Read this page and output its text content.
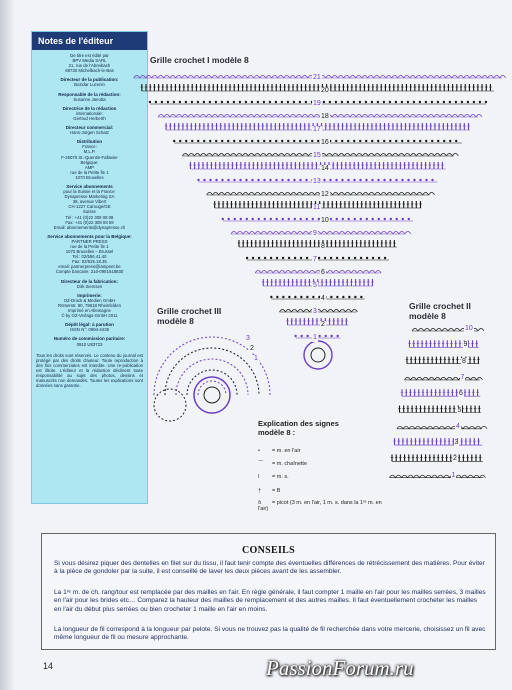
Notes de l'éditeur
De titre est édité par
BPV Media SARL
21, rue de l'Abreibach
68730 Michelbach-le-Bas
Directeur de la publication:
Bozidar Lucenin
Responsable de la rédaction:
Susanne Janotta
Directrice de la rédaction
internationale:
Gertrud Herberth
Directeur commercial:
Hans-Jürgen Schatz
Distribution
France:
M.L.P.
F-26070 St.-Quentin-Fallavier
Belgique:
AMP
rue de la Petite Île 1
1070 Bruxelles
Service abonnements
pour la Suisse et la France:
Dynapresse Marketing SA
38, avenue Vibert
CH-1227 Carouge/GE
Suisse
Tel : +41 (0)22 308 08 08
Fax: +41 (0)22 308 08 59
Email: abonnements@dynapresse.ch
Service abonnements pour la Belgique:
PARTNER PRESS
rue de la Petite Île 1
1070 Bruxelles – Brussel
Tel.: 02/556.41.40
Fax: 02/525.18.35
email: partnerpress@iampnet.be
Compte bancaire: 210-0981618830
Directeur de la fabrication:
Dirk Siemsen
Imprimerie:
OZ-Druck & Medien GmbH
Römerstr. 90, 79618 Rheinfelden
Imprimé en Allemagne
© by OZ-Verlags-GmbH 2011
Dépôt légal: à parution
ISSN N°: 0994-4435
Numéro de commission paritaire:
0910 U83723
Tous les droits sont réservés. Le contenu du journal est protégé par des droits d'auteur. Toute reproduction à des fins commerciales est interdite. Une re-publication est illicite. L'éditeur et la rédaction déclinent toute responsabilité au sujet des photos, dessins et manuscrits non demandés. Toutes les explications sont données sans garantie.
Grille crochet I modèle 8
Grille crochet III
modèle 8
Grille crochet II
modèle 8
21
20
19
18
17
16
15
14
13
12
11
10
9
8
7
6
5
4
3
2
1
3
2
1
10
9
8
7
6
5
4
3
2
1
Explication des signes
modèle 8 :
• = m. en l'air
⌒ = m. chaînette
I = m. s.
† = B
ꝺ = picot (3 m. en l'air, 1 m. s. dans la 1ʳᵉ m. en l'air)
CONSEILS
Si vous désirez piquer des dentelles en filet sur du tissu, il faut tenir compte des éventuelles différences de rétrécissement des matières. Pour éviter à la pièce de gondoler par la suite, il est conseillé de laver les deux pièces avant de les assembler.
La 1ʳᵉ m. de ch. rang/tour est remplacée par des mailles en l'air. En règle générale, il faut compter 1 maille en l'air pour les mailles serrées, 3 mailles en l'air pour les brides etc… Comparez la hauteur des mailles de remplacement et des autres mailles. Il faut éventuellement crocheter les mailles en l'air du début plus serrées ou bien crocheter 1 maille en l'air en moins.
La longueur de fil correspond à la longueur par pelote. Si vous ne trouvez pas la qualité de fil recherchée dans votre mercerie, choisissez un fil avec même longueur de fil ou mesure approchante.
14	PassionForum.ru
